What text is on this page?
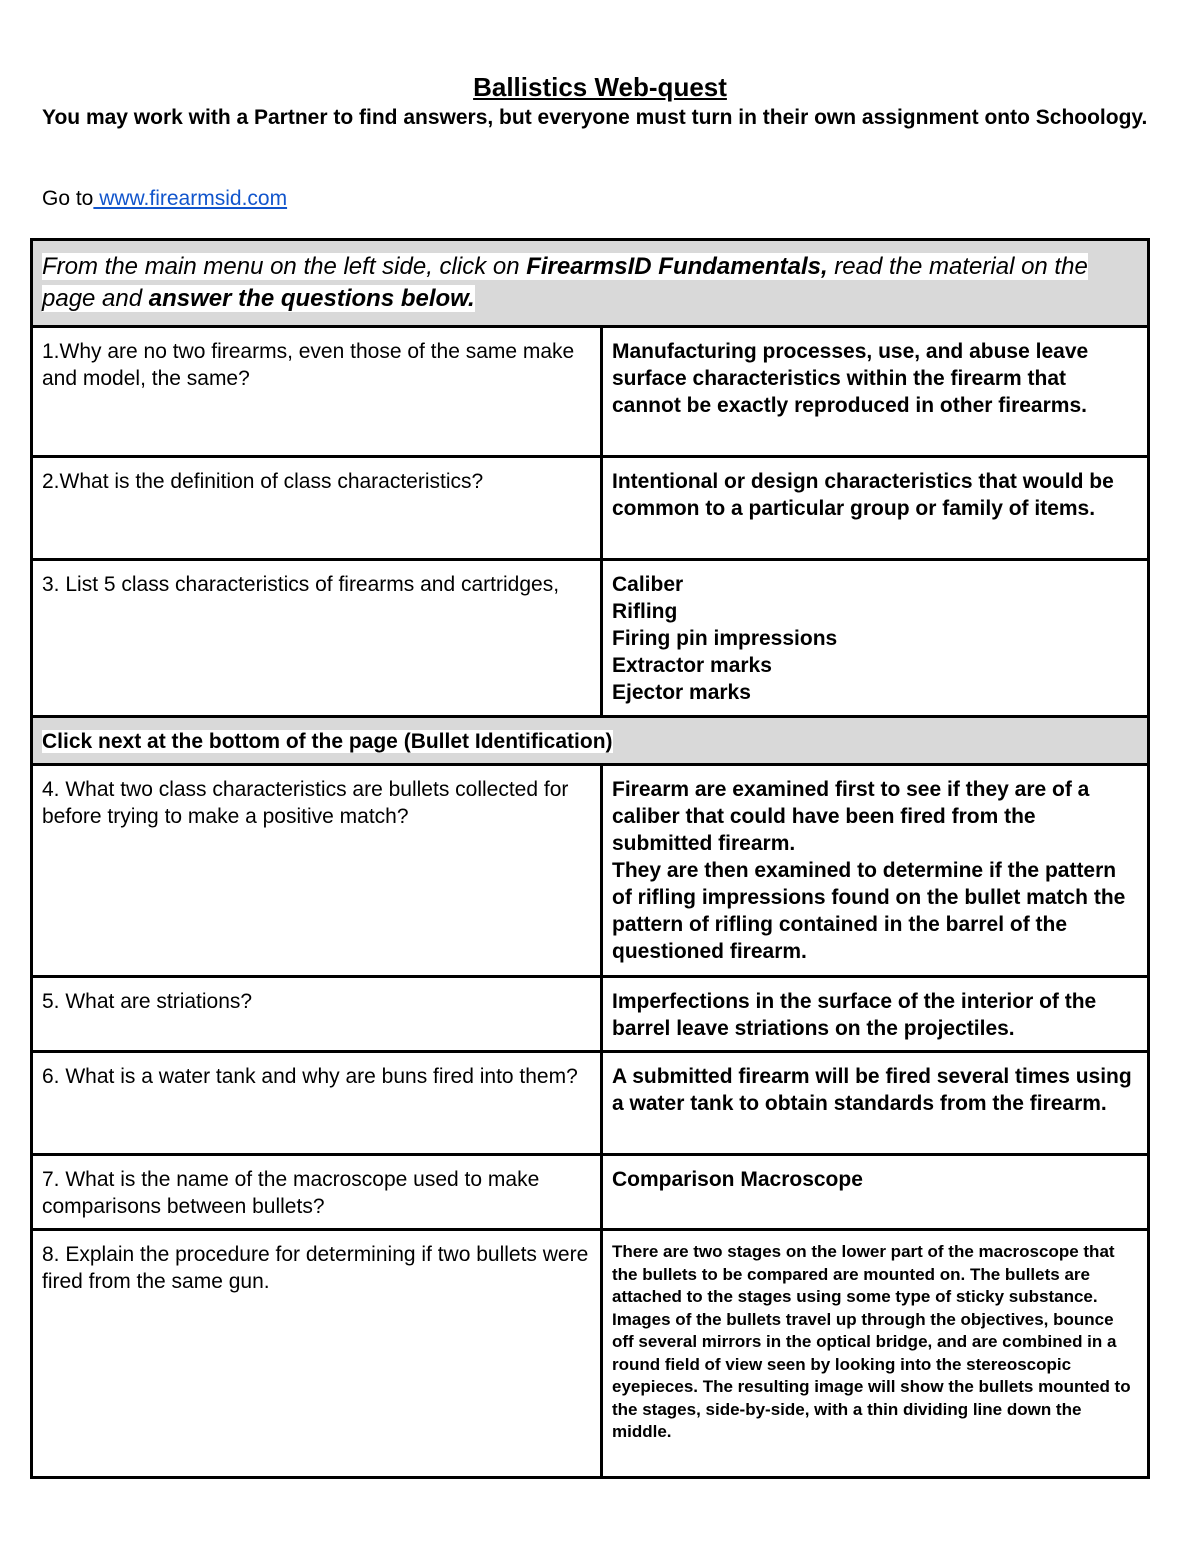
Ballistics Web-quest

You may work with a Partner to find answers, but everyone must turn in their own assignment onto Schoology.

Go to www.firearmsid.com

From the main menu on the left side, click on FirearmsID Fundamentals, read the material on the page and answer the questions below.	

1.Why are no two firearms, even those of the same make and model, the same?	Manufacturing processes, use, and abuse leave surface characteristics within the firearm that cannot be exactly reproduced in other firearms.
2.What is the definition of class characteristics?	Intentional or design characteristics that would be common to a particular group or family of items.
3. List 5 class characteristics of firearms and cartridges,	Caliber
Rifling
Firing pin impressions
Extractor marks
Ejector marks

Click next at the bottom of the page (Bullet Identification)	

4. What two class characteristics are bullets collected for before trying to make a positive match?	Firearm are examined first to see if they are of a caliber that could have been fired from the submitted firearm.
They are then examined to determine if the pattern of rifling impressions found on the bullet match the pattern of rifling contained in the barrel of the questioned firearm.

5. What are striations?	Imperfections in the surface of the interior of the barrel leave striations on the projectiles.
6. What is a water tank and why are buns fired into them?	A submitted firearm will be fired several times using a water tank to obtain standards from the firearm.
7. What is the name of the macroscope used to make comparisons between bullets?	Comparison Macroscope
8. Explain the procedure for determining if two bullets were fired from the same gun.	There are two stages on the lower part of the macroscope that the bullets to be compared are mounted on. The bullets are attached to the stages using some type of sticky substance. Images of the bullets travel up through the objectives, bounce off several mirrors in the optical bridge, and are combined in a round field of view seen by looking into the stereoscopic eyepieces. The resulting image will show the bullets mounted to the stages, side-by-side, with a thin dividing line down the middle.
